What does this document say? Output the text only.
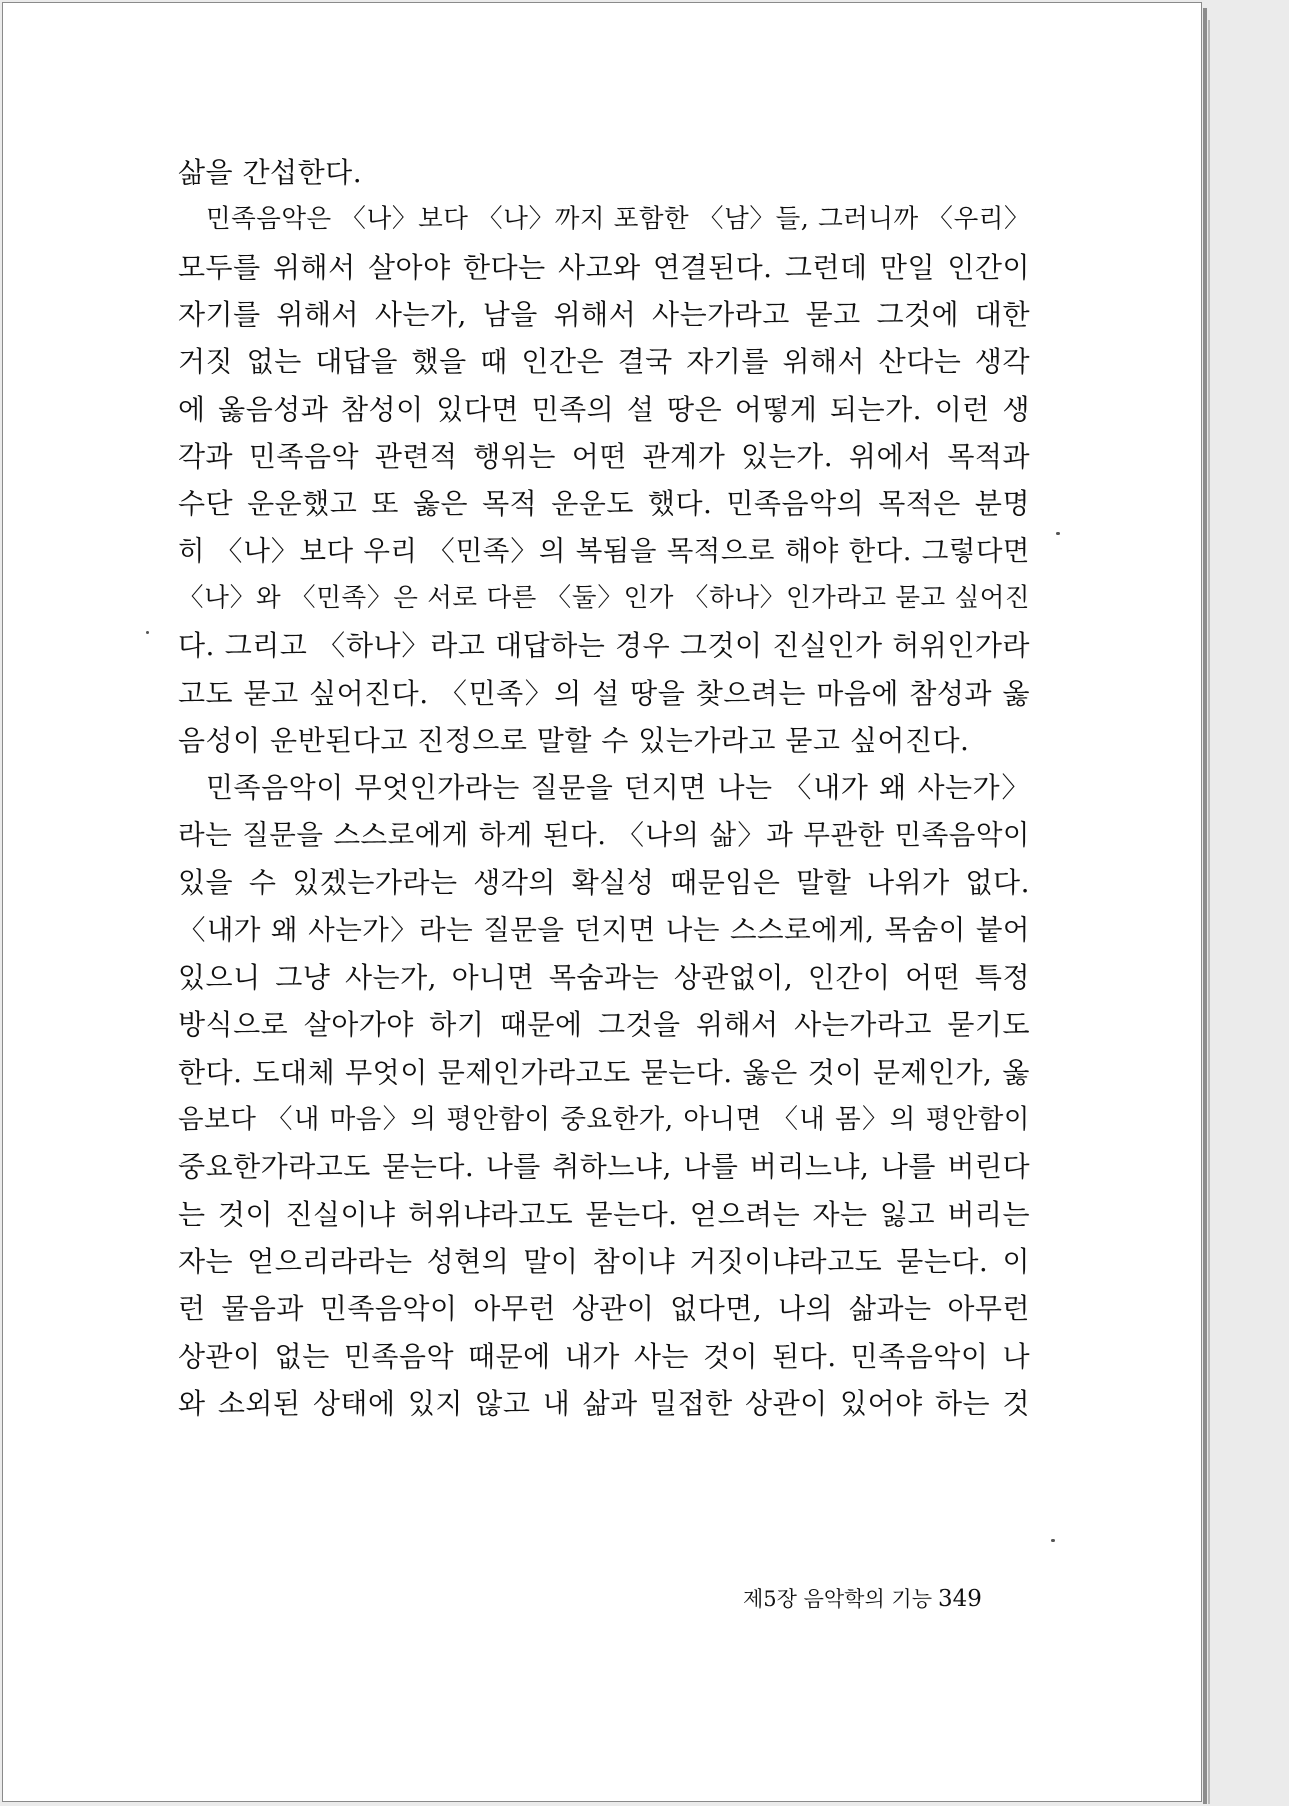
삶을 간섭한다.
민족음악은 〈나〉보다 〈나〉까지 포함한 〈남〉들, 그러니까 〈우리〉
모두를 위해서 살아야 한다는 사고와 연결된다. 그런데 만일 인간이
자기를 위해서 사는가, 남을 위해서 사는가라고 묻고 그것에 대한
거짓 없는 대답을 했을 때 인간은 결국 자기를 위해서 산다는 생각
에 옳음성과 참성이 있다면 민족의 설 땅은 어떻게 되는가. 이런 생
각과 민족음악 관련적 행위는 어떤 관계가 있는가. 위에서 목적과
수단 운운했고 또 옳은 목적 운운도 했다. 민족음악의 목적은 분명
히 〈나〉보다 우리 〈민족〉의 복됨을 목적으로 해야 한다. 그렇다면
〈나〉와 〈민족〉은 서로 다른 〈둘〉인가 〈하나〉인가라고 묻고 싶어진
다. 그리고 〈하나〉라고 대답하는 경우 그것이 진실인가 허위인가라
고도 묻고 싶어진다. 〈민족〉의 설 땅을 찾으려는 마음에 참성과 옳
음성이 운반된다고 진정으로 말할 수 있는가라고 묻고 싶어진다.
민족음악이 무엇인가라는 질문을 던지면 나는 〈내가 왜 사는가〉
라는 질문을 스스로에게 하게 된다. 〈나의 삶〉과 무관한 민족음악이
있을 수 있겠는가라는 생각의 확실성 때문임은 말할 나위가 없다.
〈내가 왜 사는가〉라는 질문을 던지면 나는 스스로에게, 목숨이 붙어
있으니 그냥 사는가, 아니면 목숨과는 상관없이, 인간이 어떤 특정
방식으로 살아가야 하기 때문에 그것을 위해서 사는가라고 묻기도
한다. 도대체 무엇이 문제인가라고도 묻는다. 옳은 것이 문제인가, 옳
음보다 〈내 마음〉의 평안함이 중요한가, 아니면 〈내 몸〉의 평안함이
중요한가라고도 묻는다. 나를 취하느냐, 나를 버리느냐, 나를 버린다
는 것이 진실이냐 허위냐라고도 묻는다. 얻으려는 자는 잃고 버리는
자는 얻으리라라는 성현의 말이 참이냐 거짓이냐라고도 묻는다. 이
런 물음과 민족음악이 아무런 상관이 없다면, 나의 삶과는 아무런
상관이 없는 민족음악 때문에 내가 사는 것이 된다. 민족음악이 나
와 소외된 상태에 있지 않고 내 삶과 밀접한 상관이 있어야 하는 것
제5장 음악학의 기능 349
